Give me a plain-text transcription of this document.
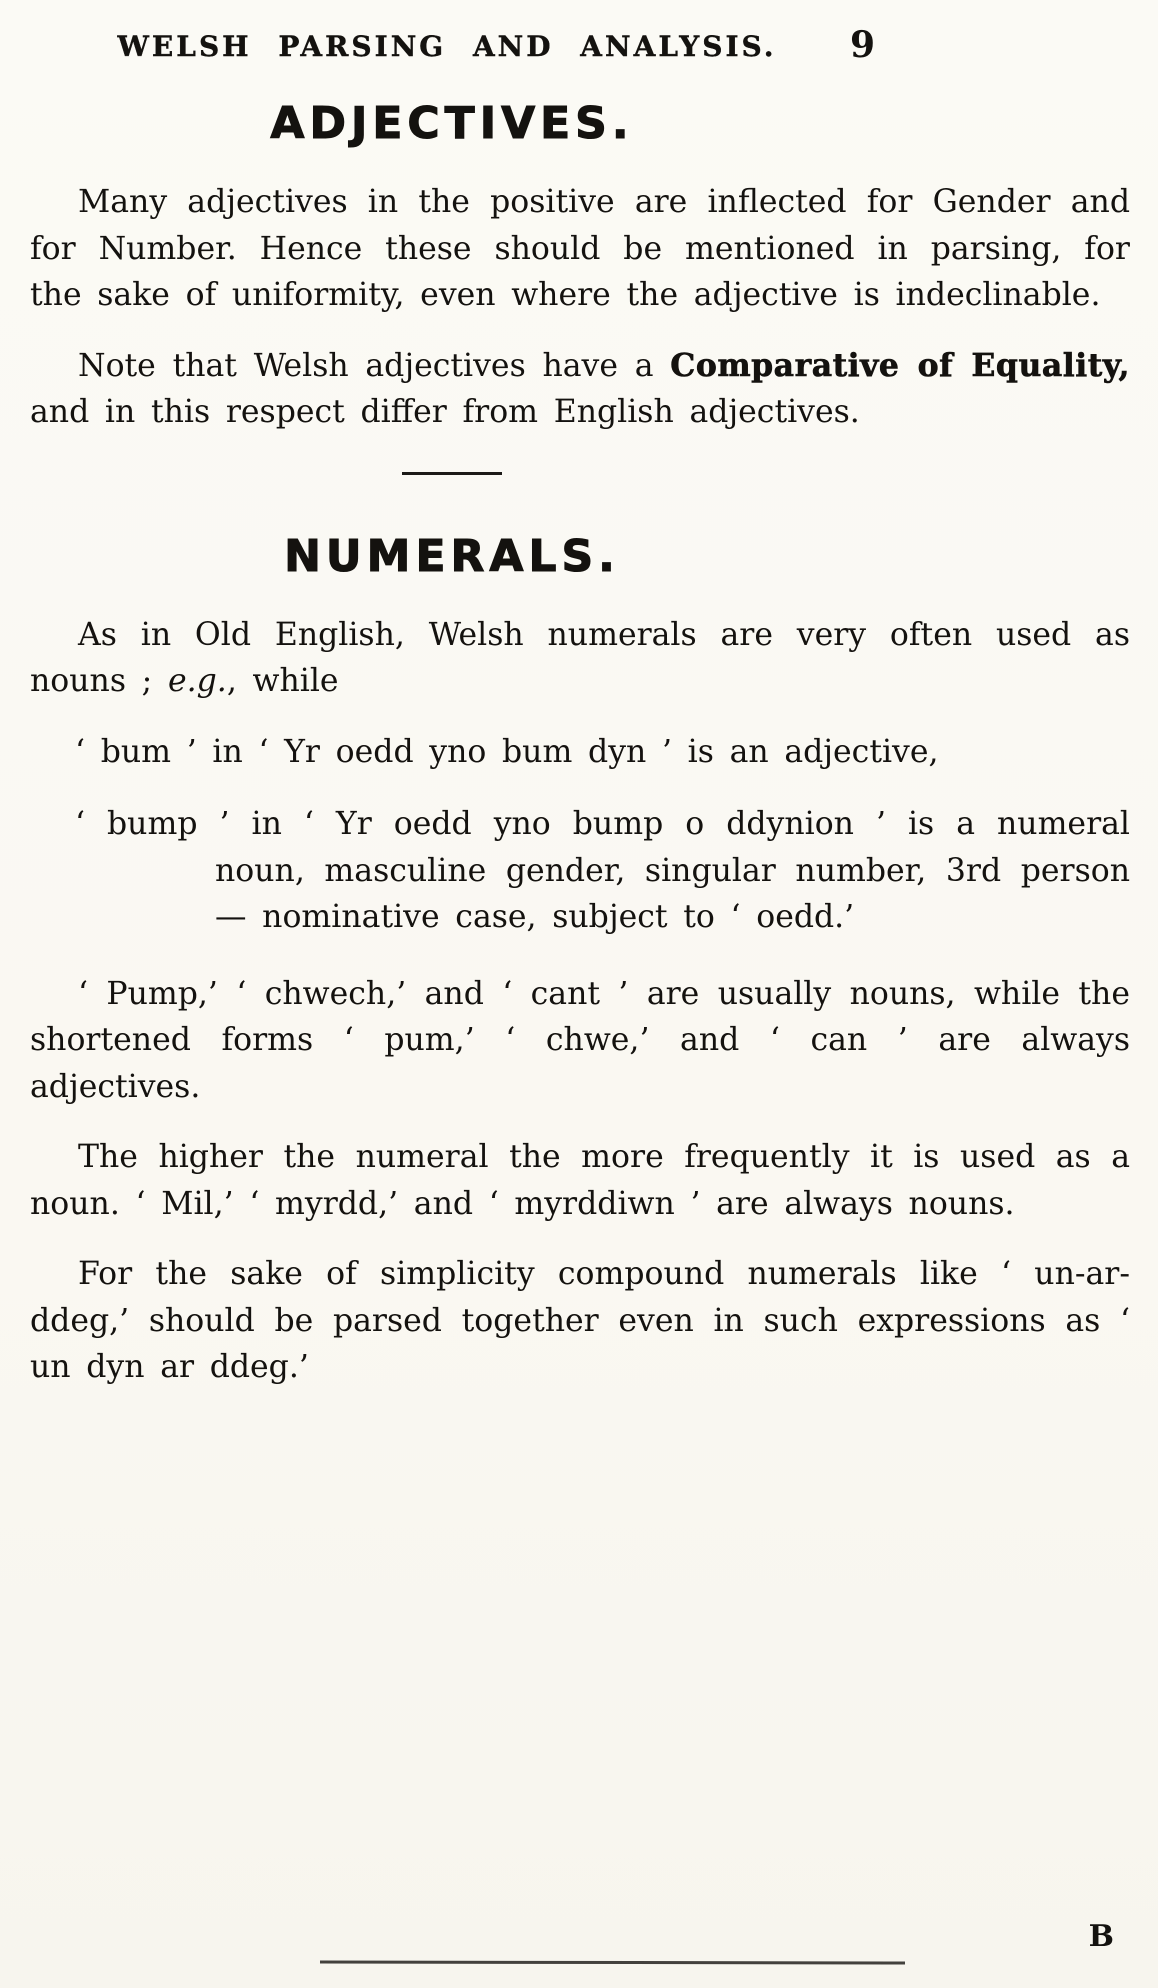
WELSH PARSING AND ANALYSIS. 9
ADJECTIVES.

Many adjectives in the positive are inflected for Gender and for Number. Hence these should be mentioned in parsing, for the sake of uniformity, even where the adjective is indeclinable.

Note that Welsh adjectives have a Comparative of Equality, and in this respect differ from English adjectives.

NUMERALS.

As in Old English, Welsh numerals are very often used as nouns ; e.g., while

‘ bum ’ in ‘ Yr oedd yno bum dyn ’ is an adjective,

‘ bump ’ in ‘ Yr oedd yno bump o ddynion ’ is a numeral noun, masculine gender, singular number, 3rd person — nominative case, subject to ‘ oedd.’

‘ Pump,’ ‘ chwech,’ and ‘ cant ’ are usually nouns, while the shortened forms ‘ pum,’ ‘ chwe,’ and ‘ can ’ are always adjectives.

The higher the numeral the more frequently it is used as a noun. ‘ Mil,’ ‘ myrdd,’ and ‘ myrddiwn ’ are always nouns.

For the sake of simplicity compound numerals like ‘ un-ar-ddeg,’ should be parsed together even in such expressions as ‘ un dyn ar ddeg.’

B
